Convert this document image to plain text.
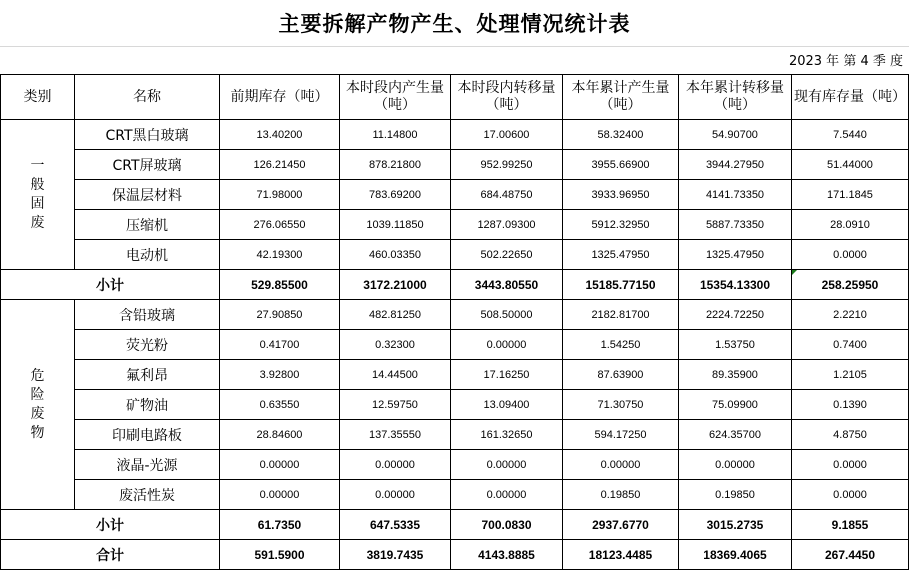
主要拆解产物产生、处理情况统计表
2023 年 第 4 季 度
类别	名称	前期库存（吨）	本时段内产生量（吨）	本时段内转移量（吨）	本年累计产生量（吨）	本年累计转移量（吨）	现有库存量（吨）

一般固废	CRT黑白玻璃	13.40200	11.14800	17.00600	58.32400	54.90700	7.5440
	CRT屏玻璃	126.21450	878.21800	952.99250	3955.66900	3944.27950	51.44000
	保温层材料	71.98000	783.69200	684.48750	3933.96950	4141.73350	171.1845
	压缩机	276.06550	1039.11850	1287.09300	5912.32950	5887.73350	28.0910
	电动机	42.19300	460.03350	502.22650	1325.47950	1325.47950	0.0000
小计		529.85500	3172.21000	3443.80550	15185.77150	15354.13300	258.25950

危险废物	含铅玻璃	27.90850	482.81250	508.50000	2182.81700	2224.72250	2.2210
	荧光粉	0.41700	0.32300	0.00000	1.54250	1.53750	0.7400
	氟利昂	3.92800	14.44500	17.16250	87.63900	89.35900	1.2105
	矿物油	0.63550	12.59750	13.09400	71.30750	75.09900	0.1390
	印刷电路板	28.84600	137.35550	161.32650	594.17250	624.35700	4.8750
	液晶-光源	0.00000	0.00000	0.00000	0.00000	0.00000	0.0000
	废活性炭	0.00000	0.00000	0.00000	0.19850	0.19850	0.0000
小计		61.7350	647.5335	700.0830	2937.6770	3015.2735	9.1855
合计		591.5900	3819.7435	4143.8885	18123.4485	18369.4065	267.4450
